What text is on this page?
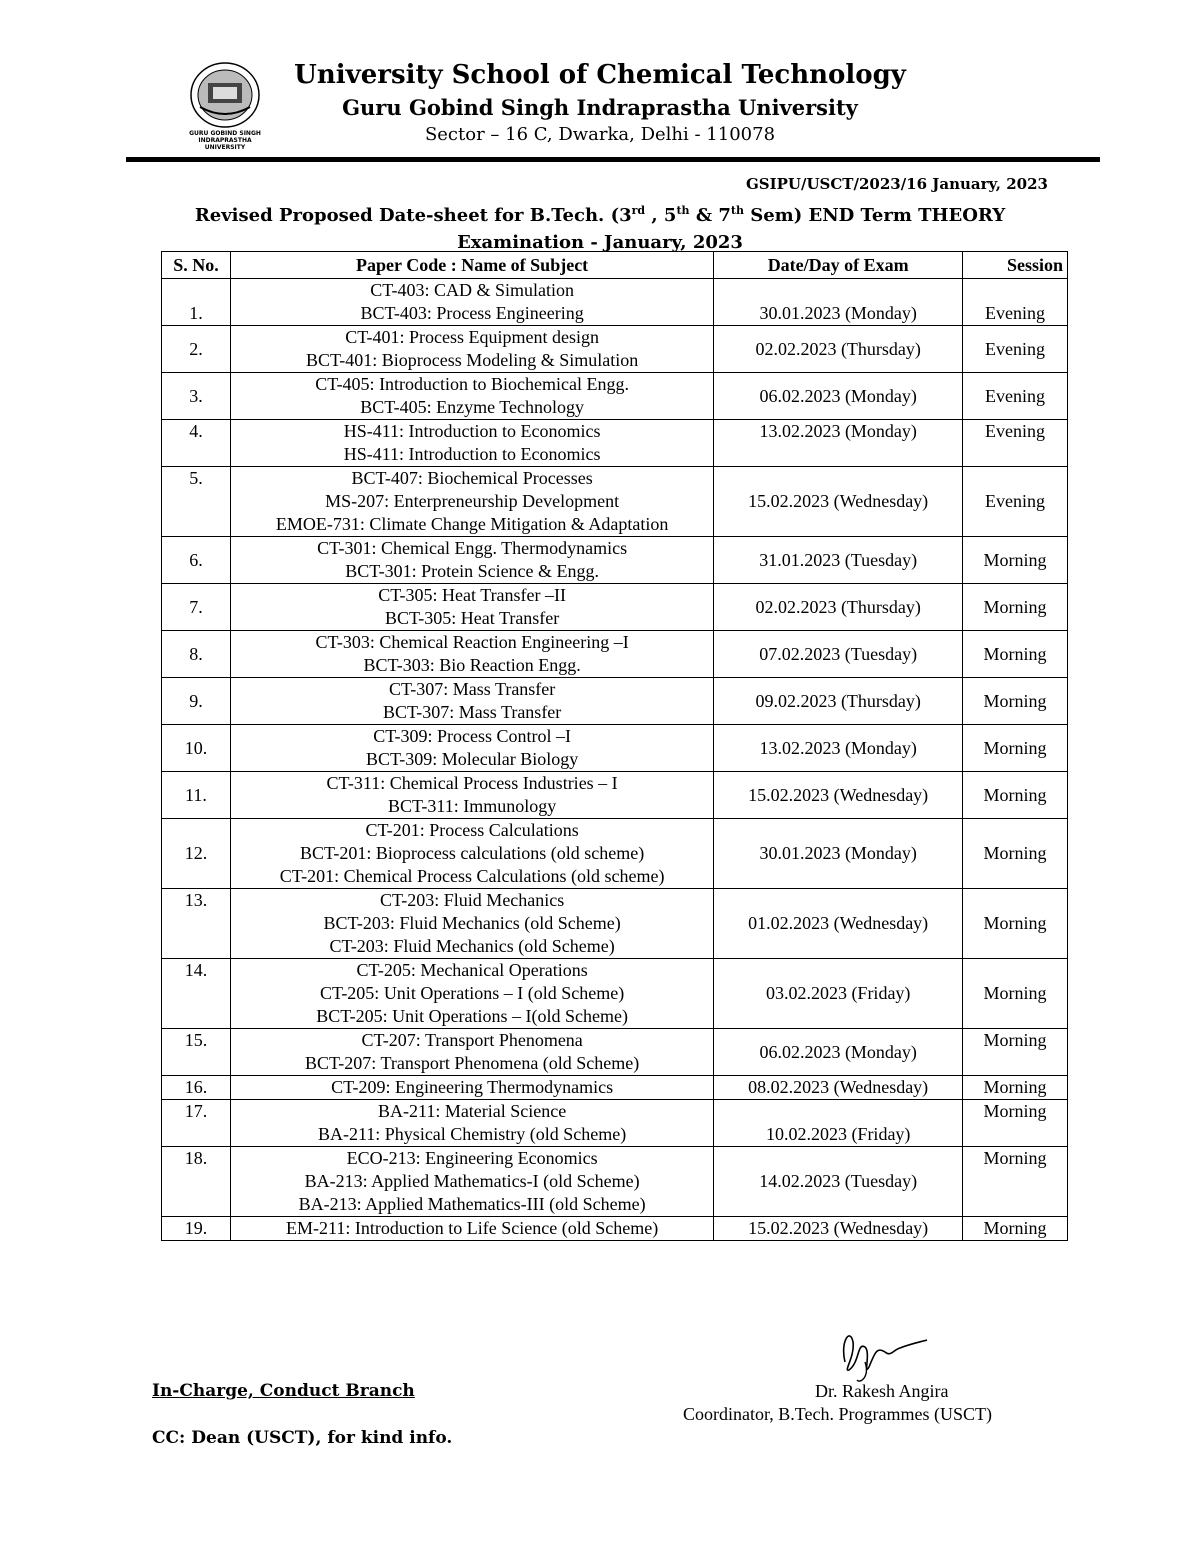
GURU GOBIND SINGH
INDRAPRASTHA
UNIVERSITY
University School of Chemical Technology
Guru Gobind Singh Indraprastha University
Sector – 16 C, Dwarka, Delhi - 110078
GSIPU/USCT/2023/16 January, 2023
Revised Proposed Date-sheet for B.Tech. (3rd , 5th & 7th Sem) END Term THEORY
Examination - January, 2023
S. No.	Paper Code : Name of Subject	Date/Day of Exam	Session
1.	CT-403: CAD & Simulation
BCT-403: Process Engineering	30.01.2023 (Monday)	Evening
2.	CT-401: Process Equipment design
BCT-401: Bioprocess Modeling & Simulation	02.02.2023 (Thursday)	Evening
3.	CT-405: Introduction to Biochemical Engg.
BCT-405: Enzyme Technology	06.02.2023 (Monday)	Evening
4.	HS-411: Introduction to Economics
HS-411: Introduction to Economics	13.02.2023 (Monday)	Evening
5.	BCT-407: Biochemical Processes
MS-207: Enterpreneurship Development
EMOE-731: Climate Change Mitigation & Adaptation	15.02.2023 (Wednesday)	Evening
6.	CT-301: Chemical Engg. Thermodynamics
BCT-301: Protein Science & Engg.	31.01.2023 (Tuesday)	Morning
7.	CT-305: Heat Transfer –II
BCT-305: Heat Transfer	02.02.2023 (Thursday)	Morning
8.	CT-303: Chemical Reaction Engineering –I
BCT-303: Bio Reaction Engg.	07.02.2023 (Tuesday)	Morning
9.	CT-307: Mass Transfer
BCT-307: Mass Transfer	09.02.2023 (Thursday)	Morning
10.	CT-309: Process Control –I
BCT-309: Molecular Biology	13.02.2023 (Monday)	Morning
11.	CT-311: Chemical Process Industries – I
BCT-311: Immunology	15.02.2023 (Wednesday)	Morning
12.	CT-201: Process Calculations
BCT-201: Bioprocess calculations (old scheme)
CT-201: Chemical Process Calculations (old scheme)	30.01.2023 (Monday)	Morning
13.	CT-203: Fluid Mechanics
BCT-203: Fluid Mechanics (old Scheme)
CT-203: Fluid Mechanics (old Scheme)	01.02.2023 (Wednesday)	Morning
14.	CT-205: Mechanical Operations
CT-205: Unit Operations – I (old Scheme)
BCT-205: Unit Operations – I(old Scheme)	03.02.2023 (Friday)	Morning
15.	CT-207: Transport Phenomena
BCT-207: Transport Phenomena (old Scheme)	06.02.2023 (Monday)	Morning
16.	CT-209: Engineering Thermodynamics	08.02.2023 (Wednesday)	Morning
17.	BA-211: Material Science
BA-211: Physical Chemistry (old Scheme)	10.02.2023 (Friday)	Morning
18.	ECO-213: Engineering Economics
BA-213: Applied Mathematics-I (old Scheme)
BA-213: Applied Mathematics-III (old Scheme)	14.02.2023 (Tuesday)	Morning
19.	EM-211: Introduction to Life Science (old Scheme)	15.02.2023 (Wednesday)	Morning
In-Charge, Conduct Branch
CC: Dean (USCT), for kind info.
Dr. Rakesh Angira
Coordinator, B.Tech. Programmes (USCT)
